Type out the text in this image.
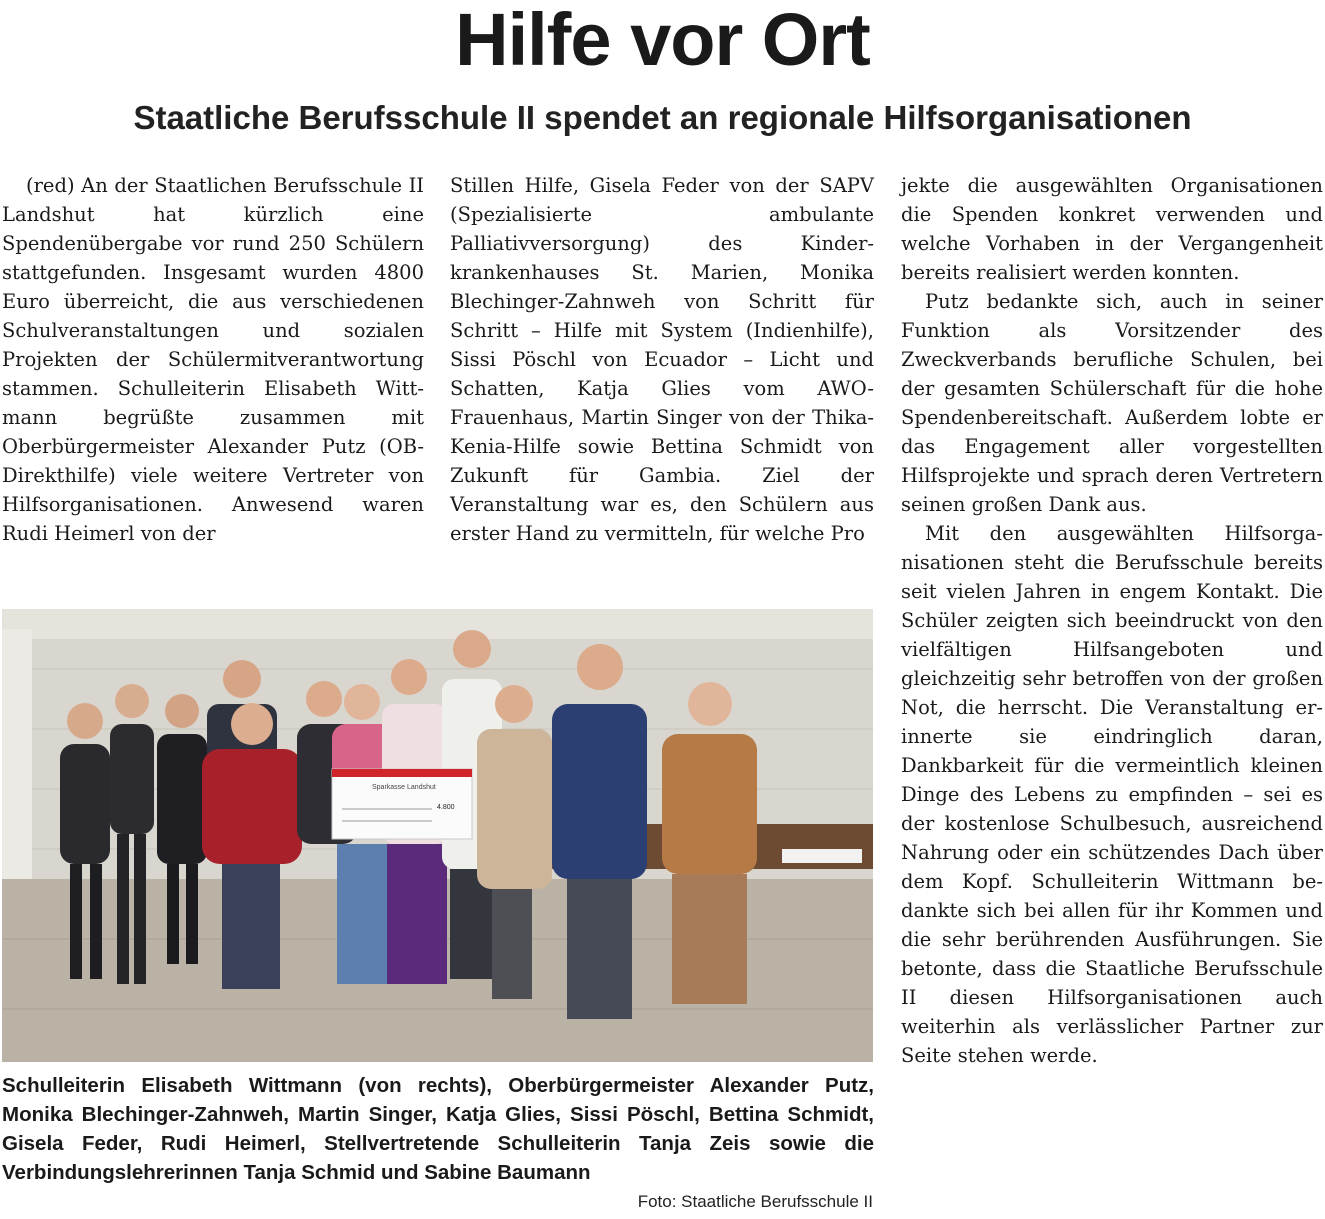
Hilfe vor Ort
Staatliche Berufsschule II spendet an regionale Hilfsorganisationen

(red) An der Staatlichen Berufsschule II Landshut hat kürzlich eine Spendenübergabe vor rund 250 Schülern stattgefunden. Insgesamt wurden 4800 Euro überreicht, die aus verschiedenen Schulveranstaltungen und sozialen Projekten der Schülermitverantwortung stammen. Schulleiterin Elisabeth Wittmann begrüßte zusammen mit Oberbürgermeister Alexander Putz (OB-Direkthilfe) viele weitere Vertreter von Hilfsorganisationen. Anwesend waren Rudi Heimerl von der

Stillen Hilfe, Gisela Feder von der SAPV (Spezialisierte ambulante Palliativversorgung) des Kinderkrankenhauses St. Marien, Monika Blechinger-Zahnweh von Schritt für Schritt – Hilfe mit System (Indienhilfe), Sissi Pöschl von Ecuador – Licht und Schatten, Katja Glies vom AWO-Frauenhaus, Martin Singer von der Thika-Kenia-Hilfe sowie Bettina Schmidt von Zukunft für Gambia. Ziel der Veranstaltung war es, den Schülern aus erster Hand zu vermitteln, für welche Pro

jekte die ausgewählten Organisationen die Spenden konkret verwenden und welche Vorhaben in der Vergangenheit bereits realisiert werden konnten.

Putz bedankte sich, auch in seiner Funktion als Vorsitzender des Zweckverbands berufliche Schulen, bei der gesamten Schülerschaft für die hohe Spendenbereitschaft. Außerdem lobte er das Engagement aller vorgestellten Hilfsprojekte und sprach deren Vertretern seinen großen Dank aus.

Mit den ausgewählten Hilfsorganisationen steht die Berufsschule bereits seit vielen Jahren in engem Kontakt. Die Schüler zeigten sich beeindruckt von den vielfältigen Hilfsangeboten und gleichzeitig sehr betroffen von der großen Not, die herrscht. Die Veranstaltung erinnerte sie eindringlich daran, Dankbarkeit für die vermeintlich kleinen Dinge des Lebens zu empfinden – sei es der kostenlose Schulbesuch, ausreichend Nahrung oder ein schützendes Dach über dem Kopf. Schulleiterin Wittmann bedankte sich bei allen für ihr Kommen und die sehr berührenden Ausführungen. Sie betonte, dass die Staatliche Berufsschule II diesen Hilfsorganisationen auch weiterhin als verlässlicher Partner zur Seite stehen werde.

Sparkasse Landshut
4.800

Schulleiterin Elisabeth Wittmann (von rechts), Oberbürgermeister Alexander Putz, Monika Blechinger-Zahnweh, Martin Singer, Katja Glies, Sissi Pöschl, Bettina Schmidt, Gisela Feder, Rudi Heimerl, Stellvertretende Schulleiterin Tanja Zeis sowie die Verbindungslehrerinnen Tanja Schmid und Sabine Baumann

Foto: Staatliche Berufsschule II
